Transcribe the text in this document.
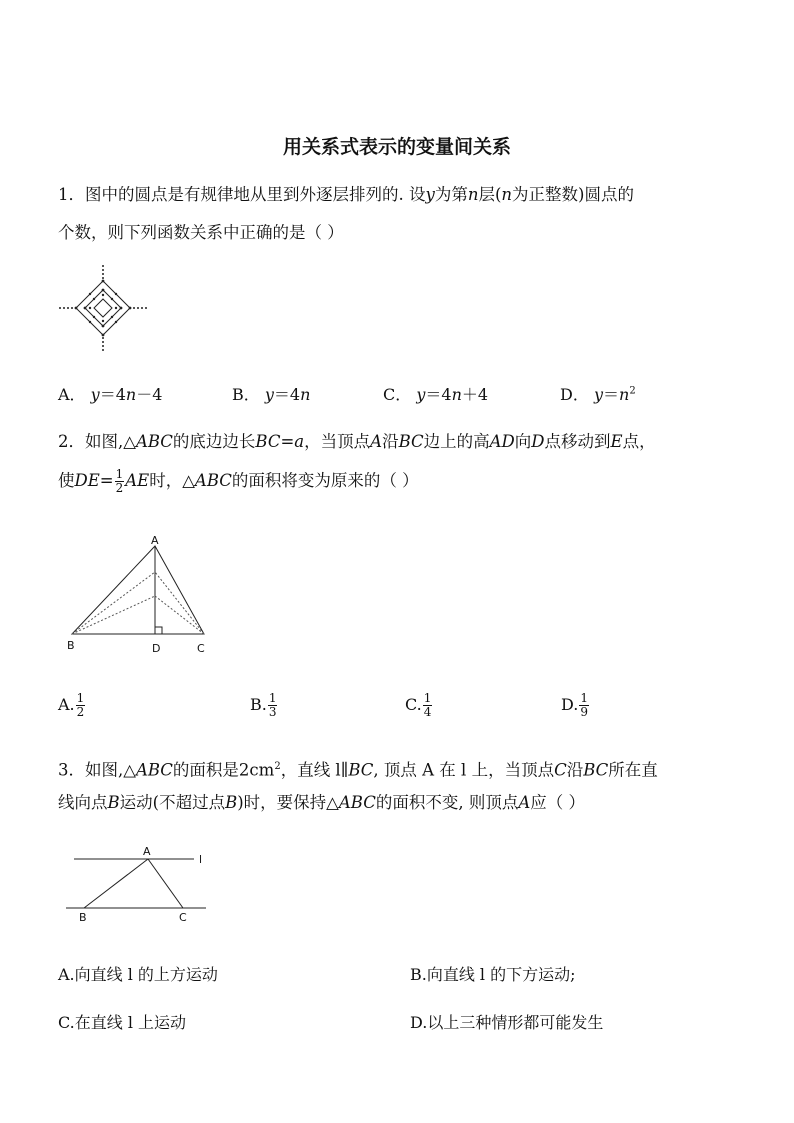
用关系式表示的变量间关系
1．图中的圆点是有规律地从里到外逐层排列的. 设y为第n层(n为正整数)圆点的
个数，则下列函数关系中正确的是（ ）
A． y＝4n－4	B． y＝4n	C． y＝4n＋4	D． $y=n^2$
2．如图,△ABC的底边边长BC=a，当顶点A沿BC边上的高AD向D点移动到E点，
使$DE= \frac{1}{2}$ AE时，△ABC的面积将变为原来的（ ）
A
B	D	C
A. $\frac{1}{2}$	B. $\frac{1}{3}$	C. $\frac{1}{4}$	D. $\frac{1}{9}$
3．如图,△ABC的面积是$2cm^2$，直线 l∥BC, 顶点 A 在 l 上，当顶点C沿BC所在直
线向点B运动(不超过点B)时，要保持△ABC的面积不变, 则顶点A应（ ）
A
l
B	C
A.向直线 l 的上方运动	B.向直线 l 的下方运动;
C.在直线 l 上运动	D.以上三种情形都可能发生
